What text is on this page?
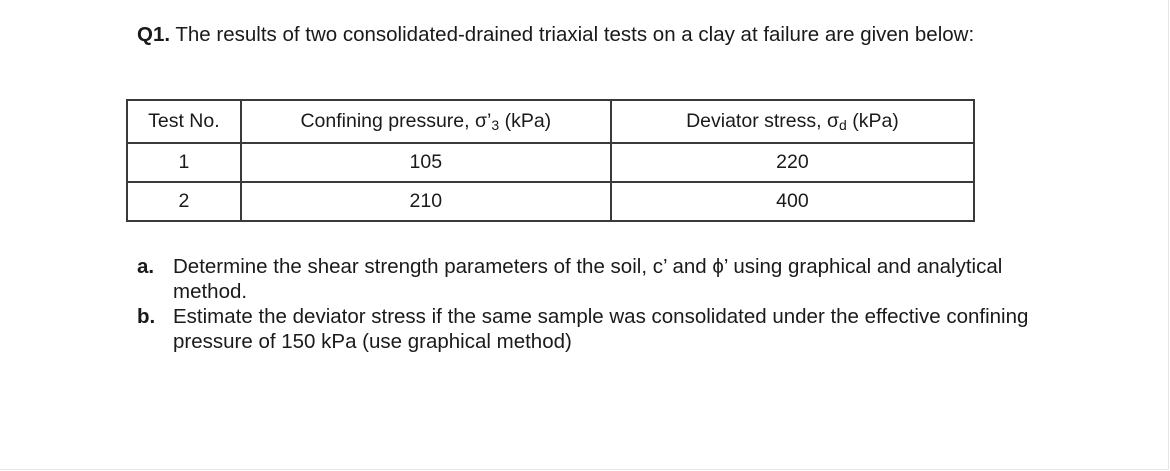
Q1. The results of two consolidated-drained triaxial tests on a clay at failure are given below:
Test No.	Confining pressure, σ’3 (kPa)	Deviator stress, σd (kPa)
1	105	220
2	210	400
a. Determine the shear strength parameters of the soil, c’ and ϕ’ using graphical and analytical method.
b. Estimate the deviator stress if the same sample was consolidated under the effective confining pressure of 150 kPa (use graphical method)
